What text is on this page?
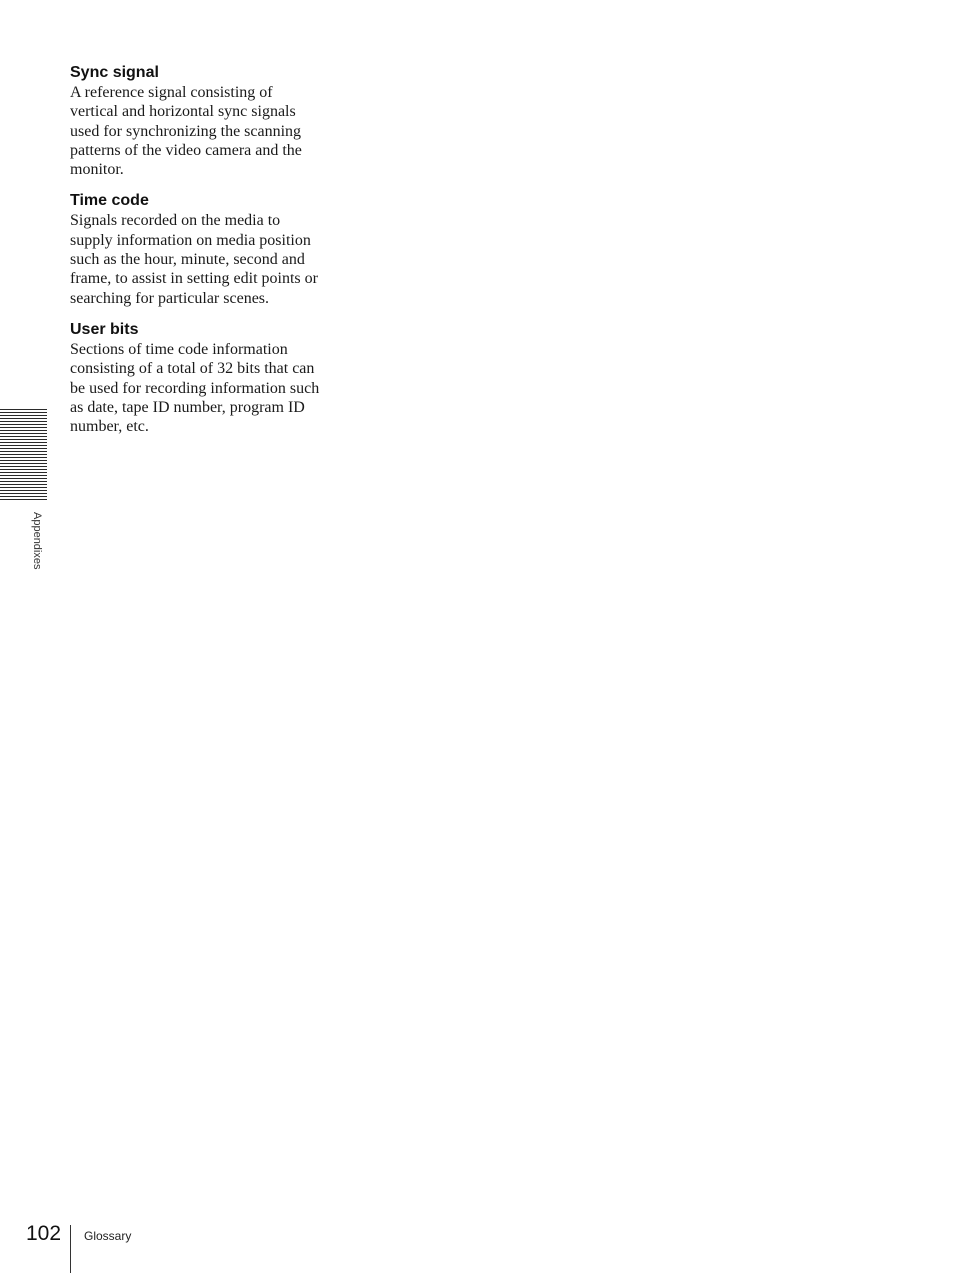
Sync signal

A reference signal consisting of vertical and horizontal sync signals used for synchronizing the scanning patterns of the video camera and the monitor.

Time code

Signals recorded on the media to supply information on media position such as the hour, minute, second and frame, to assist in setting edit points or searching for particular scenes.

User bits

Sections of time code information consisting of a total of 32 bits that can be used for recording information such as date, tape ID number, program ID number, etc.

Appendixes
102 Glossary
